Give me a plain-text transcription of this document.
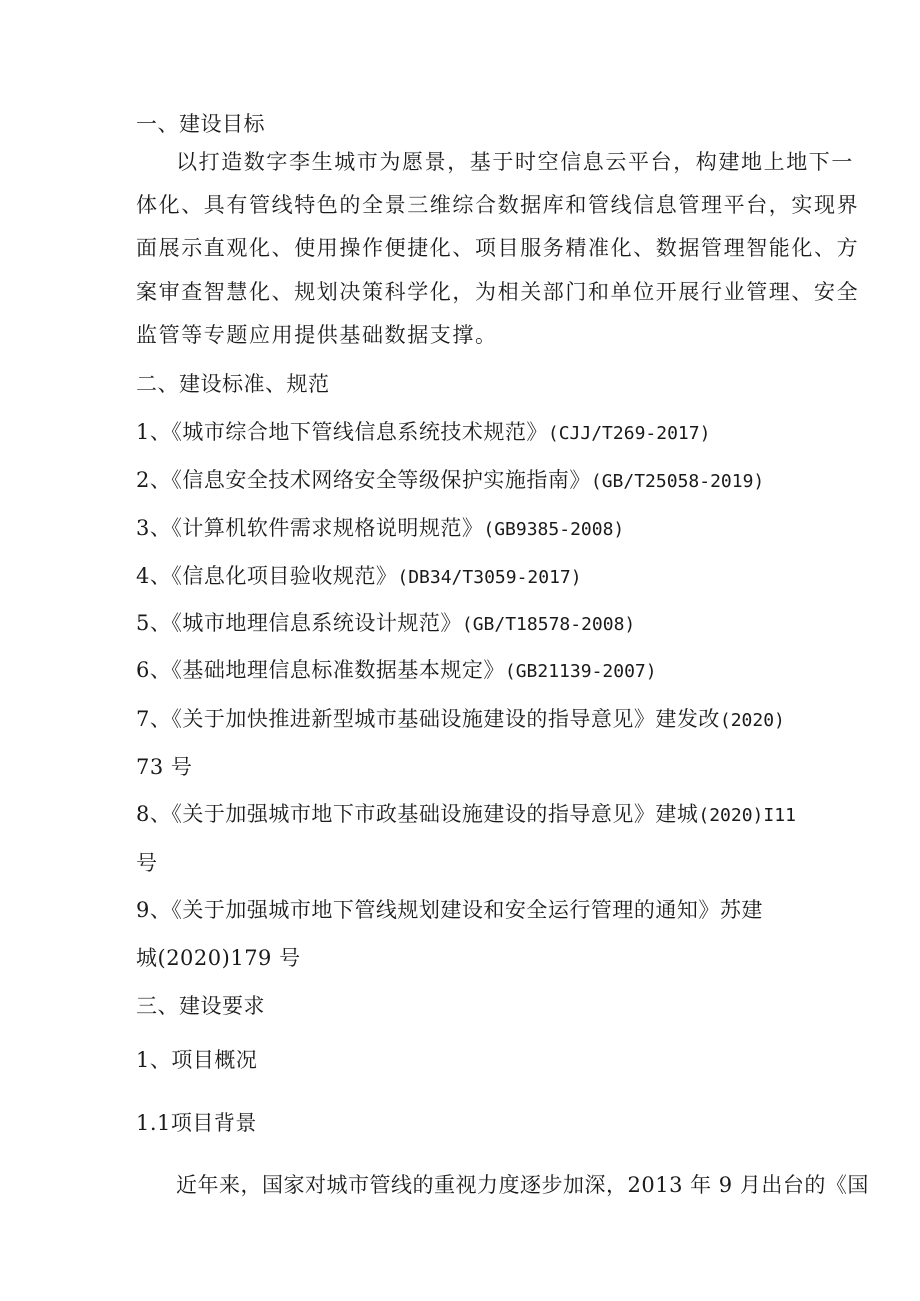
一、建设目标
以打造数字李生城市为愿景，基于时空信息云平台，构建地上地下一
体化、具有管线特色的全景三维综合数据库和管线信息管理平台，实现界
面展示直观化、使用操作便捷化、项目服务精准化、数据管理智能化、方
案审查智慧化、规划决策科学化，为相关部门和单位开展行业管理、安全
监管等专题应用提供基础数据支撑。
二、建设标准、规范
1、《城市综合地下管线信息系统技术规范》(CJJ/T269-2017)
2、《信息安全技术网络安全等级保护实施指南》(GB/T25058-2019)
3、《计算机软件需求规格说明规范》(GB9385-2008)
4、《信息化项目验收规范》(DB34/T3059-2017)
5、《城市地理信息系统设计规范》(GB/T18578-2008)
6、《基础地理信息标准数据基本规定》(GB21139-2007)
7、《关于加快推进新型城市基础设施建设的指导意见》建发改(2020)
73 号
8、《关于加强城市地下市政基础设施建设的指导意见》建城(2020)I11
号
9、《关于加强城市地下管线规划建设和安全运行管理的通知》苏建
城(2020)179 号
三、建设要求
1、项目概况
1.1项目背景
近年来，国家对城市管线的重视力度逐步加深，2013 年 9 月出台的《国
